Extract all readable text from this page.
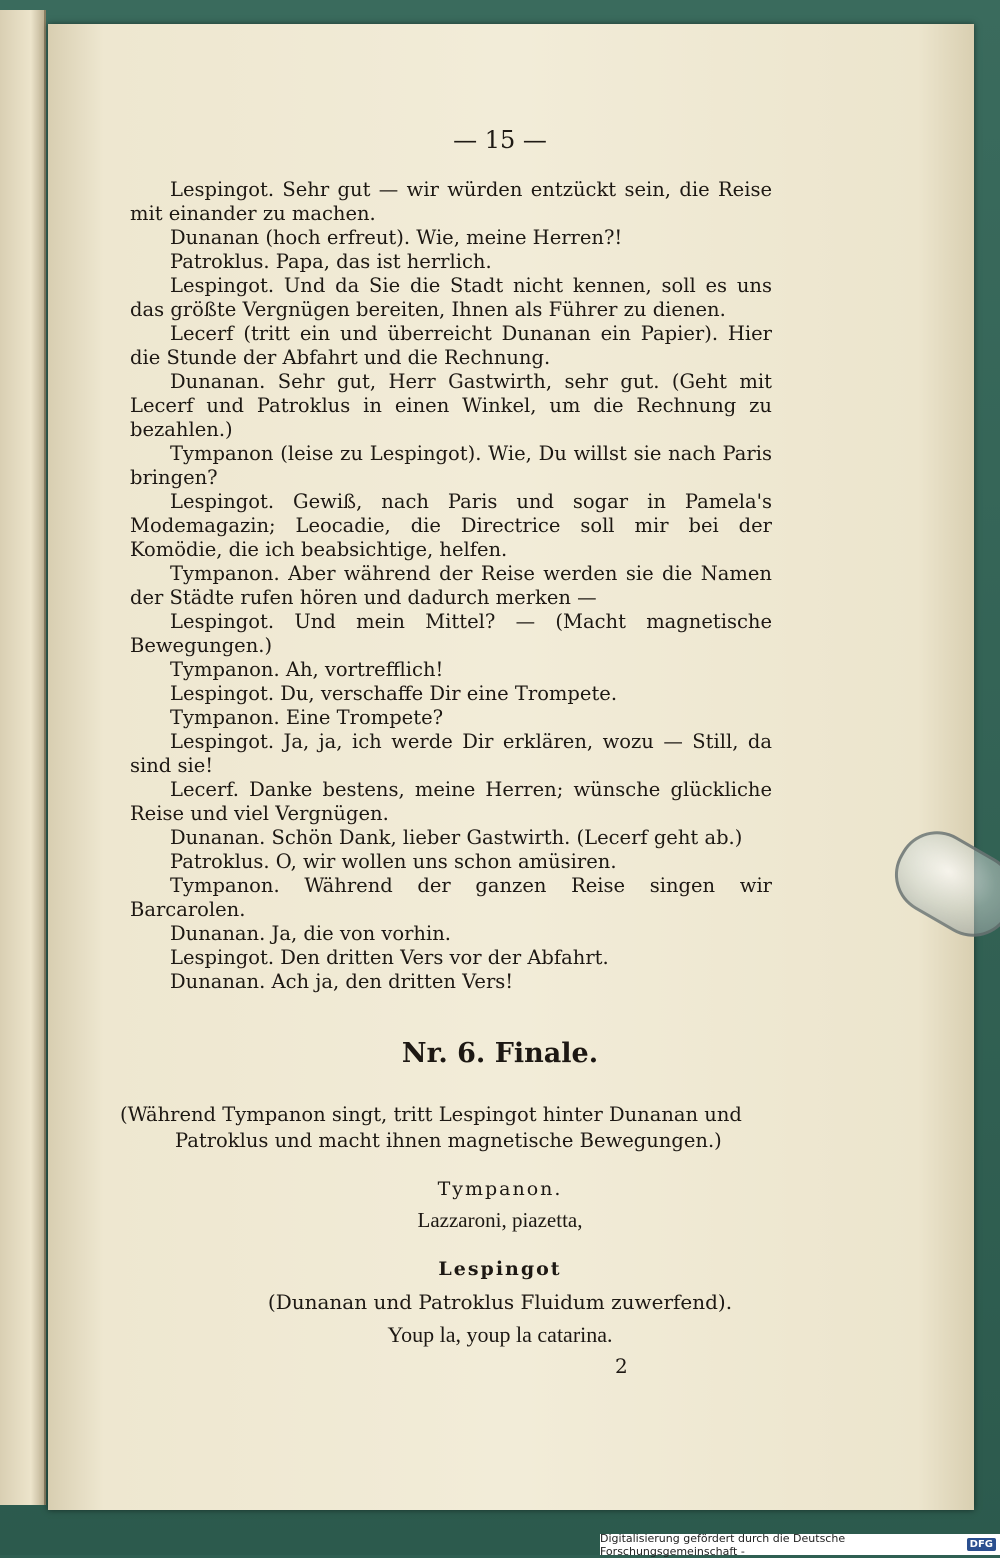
— 15 —
Lespingot. Sehr gut — wir würden entzückt sein, die Reise mit einander zu machen.
Dunanan (hoch erfreut). Wie, meine Herren?!
Patroklus. Papa, das ist herrlich.
Lespingot. Und da Sie die Stadt nicht kennen, soll es uns das größte Vergnügen bereiten, Ihnen als Führer zu dienen.
Lecerf (tritt ein und überreicht Dunanan ein Papier). Hier die Stunde der Abfahrt und die Rechnung.
Dunanan. Sehr gut, Herr Gastwirth, sehr gut. (Geht mit Lecerf und Patroklus in einen Winkel, um die Rechnung zu bezahlen.)
Tympanon (leise zu Lespingot). Wie, Du willst sie nach Paris bringen?
Lespingot. Gewiß, nach Paris und sogar in Pamela's Modemagazin; Leocadie, die Directrice soll mir bei der Komödie, die ich beabsichtige, helfen.
Tympanon. Aber während der Reise werden sie die Namen der Städte rufen hören und dadurch merken —
Lespingot. Und mein Mittel? — (Macht magnetische Bewegungen.)
Tympanon. Ah, vortrefflich!
Lespingot. Du, verschaffe Dir eine Trompete.
Tympanon. Eine Trompete?
Lespingot. Ja, ja, ich werde Dir erklären, wozu — Still, da sind sie!
Lecerf. Danke bestens, meine Herren; wünsche glückliche Reise und viel Vergnügen.
Dunanan. Schön Dank, lieber Gastwirth. (Lecerf geht ab.)
Patroklus. O, wir wollen uns schon amüsiren.
Tympanon. Während der ganzen Reise singen wir Barcarolen.
Dunanan. Ja, die von vorhin.
Lespingot. Den dritten Vers vor der Abfahrt.
Dunanan. Ach ja, den dritten Vers!
Nr. 6. Finale.
(Während Tympanon singt, tritt Lespingot hinter Dunanan und
Patroklus und macht ihnen magnetische Bewegungen.)
Tympanon.
Lazzaroni, piazetta,
Lespingot
(Dunanan und Patroklus Fluidum zuwerfend).
Youp la, youp la catarina.
2
Digitalisierung gefördert durch die Deutsche Forschungsgemeinschaft -	DFG
